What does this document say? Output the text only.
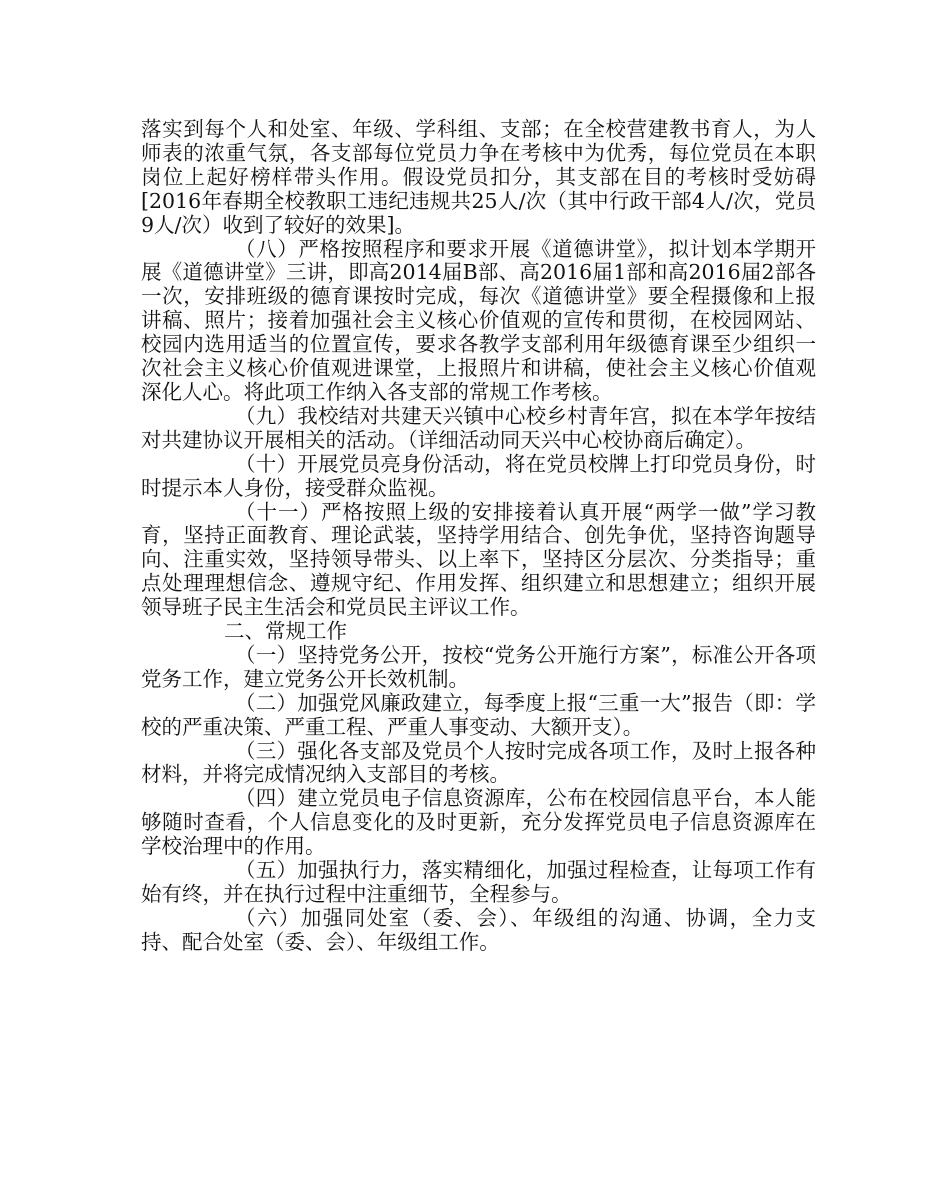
落实到每个人和处室、年级、学科组、支部；在全校营建教书育人，为人师表的浓重气氛，各支部每位党员力争在考核中为优秀，每位党员在本职岗位上起好榜样带头作用。假设党员扣分，其支部在目的考核时受妨碍[2016年春期全校教职工违纪违规共25人/次（其中行政干部4人/次，党员9人/次）收到了较好的效果]。

（八）严格按照程序和要求开展《道德讲堂》，拟计划本学期开展《道德讲堂》三讲，即高2014届B部、高2016届1部和高2016届2部各一次，安排班级的德育课按时完成，每次《道德讲堂》要全程摄像和上报讲稿、照片；接着加强社会主义核心价值观的宣传和贯彻，在校园网站、校园内选用适当的位置宣传，要求各教学支部利用年级德育课至少组织一次社会主义核心价值观进课堂，上报照片和讲稿，使社会主义核心价值观深化人心。将此项工作纳入各支部的常规工作考核。

（九）我校结对共建天兴镇中心校乡村青年宫，拟在本学年按结对共建协议开展相关的活动。（详细活动同天兴中心校协商后确定）。

（十）开展党员亮身份活动，将在党员校牌上打印党员身份，时时提示本人身份，接受群众监视。

（十一）严格按照上级的安排接着认真开展“两学一做”学习教育，坚持正面教育、理论武装，坚持学用结合、创先争优，坚持咨询题导向、注重实效，坚持领导带头、以上率下，坚持区分层次、分类指导；重点处理理想信念、遵规守纪、作用发挥、组织建立和思想建立；组织开展领导班子民主生活会和党员民主评议工作。

二、常规工作

（一）坚持党务公开，按校“党务公开施行方案”，标准公开各项党务工作，建立党务公开长效机制。

（二）加强党风廉政建立，每季度上报“三重一大”报告（即：学校的严重决策、严重工程、严重人事变动、大额开支）。

（三）强化各支部及党员个人按时完成各项工作，及时上报各种材料，并将完成情况纳入支部目的考核。

（四）建立党员电子信息资源库，公布在校园信息平台，本人能够随时查看，个人信息变化的及时更新，充分发挥党员电子信息资源库在学校治理中的作用。

（五）加强执行力，落实精细化，加强过程检查，让每项工作有始有终，并在执行过程中注重细节，全程参与。

（六）加强同处室（委、会）、年级组的沟通、协调，全力支持、配合处室（委、会）、年级组工作。
